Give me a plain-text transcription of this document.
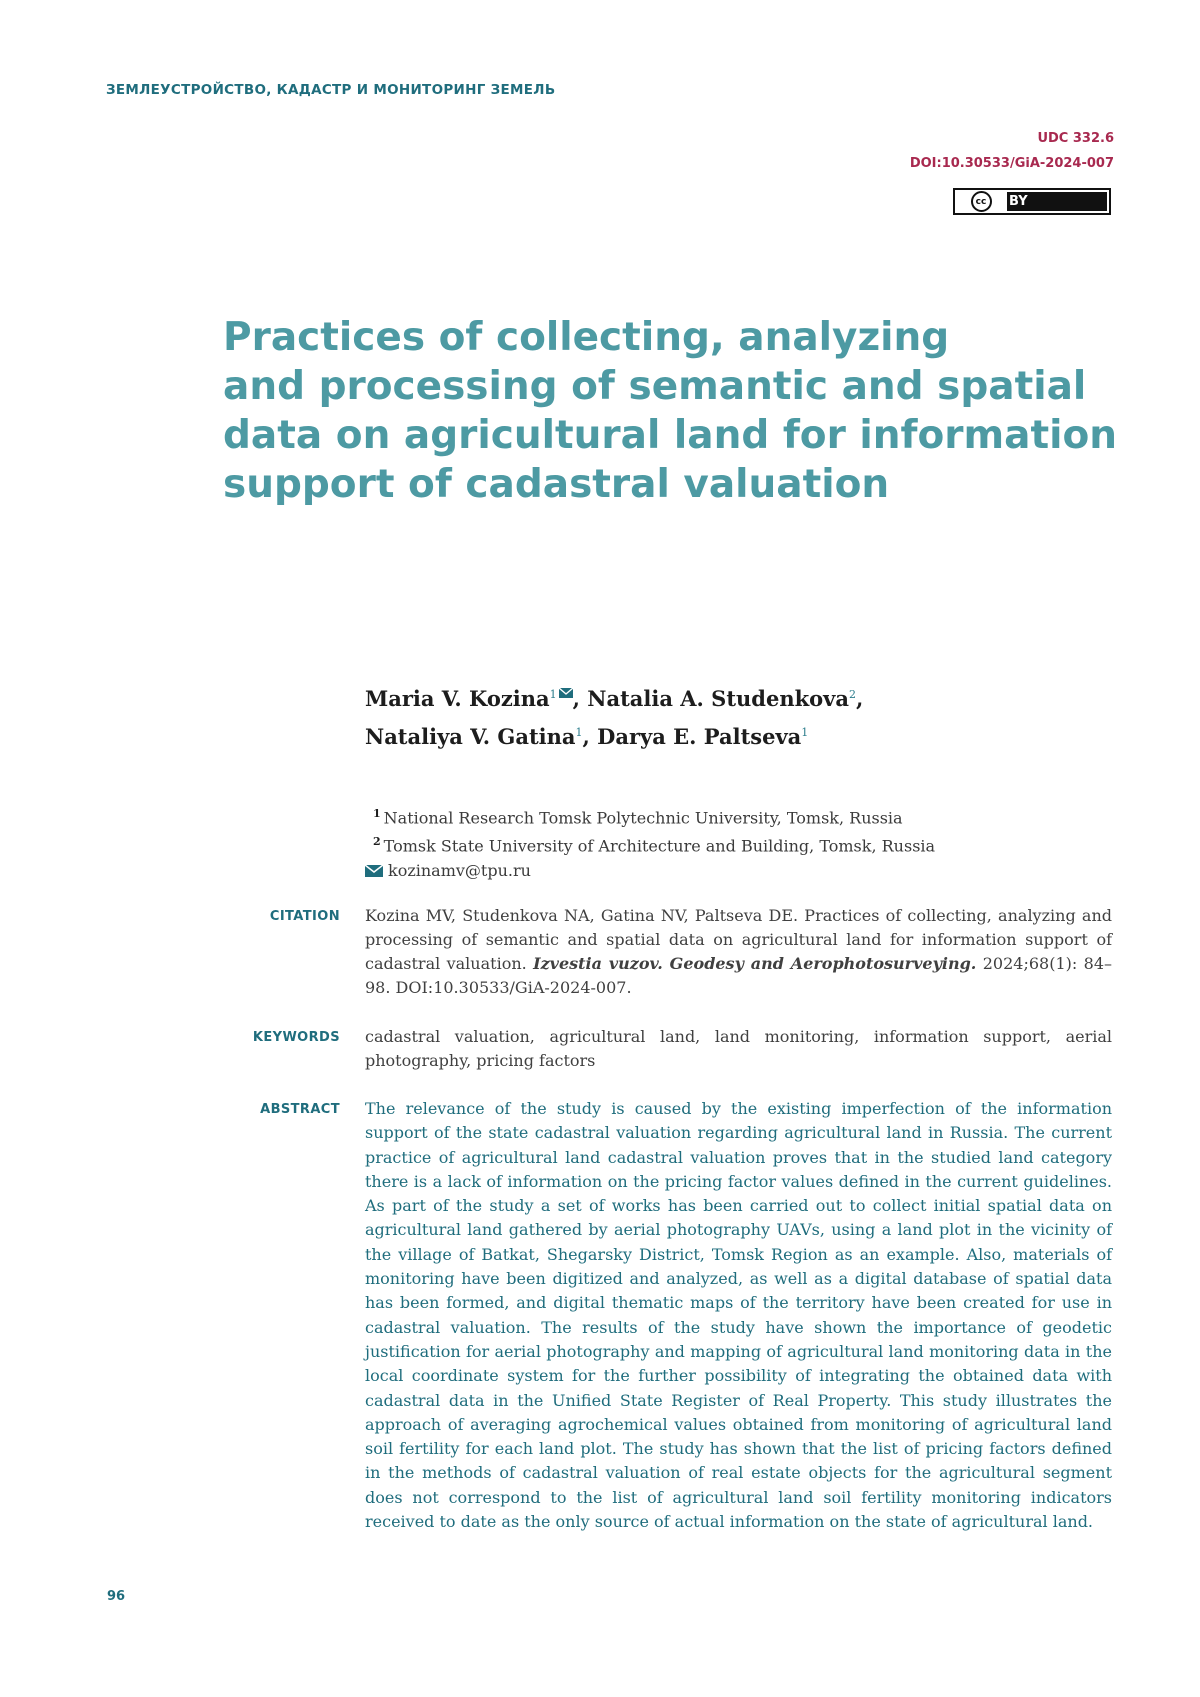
ЗЕМЛЕУСТРОЙСТВО, КАДАСТР И МОНИТОРИНГ ЗЕМЕЛЬ
UDC 332.6
DOI:10.30533/GiA-2024-007
cc	BY
Practices of collecting, analyzing
and processing of semantic and spatial
data on agricultural land for information
support of cadastral valuation
Maria V. Kozina$^1$ , Natalia A. Studenkova$^2$,
Nataliya V. Gatina$^1$, Darya E. Paltseva$^1$
$^1$ National Research Tomsk Polytechnic University, Tomsk, Russia
$^2$ Tomsk State University of Architecture and Building, Tomsk, Russia
kozinamv@tpu.ru
CITATION Kozina MV, Studenkova NA, Gatina NV, Paltseva DE. Practices of collecting, analyzing and processing of semantic and spatial data on agricultural land for information support of cadastral valuation. Izvestia vuzov. Geodesy and Aerophotosurveying. 2024;68(1): 84–98. DOI:10.30533/GiA-2024-007.
KEYWORDS cadastral valuation, agricultural land, land monitoring, information support, aerial photography, pricing factors
ABSTRACT The relevance of the study is caused by the existing imperfection of the information support of the state cadastral valuation regarding agricultural land in Russia. The current practice of agricultural land cadastral valuation proves that in the studied land category there is a lack of information on the pricing factor values defined in the current guidelines. As part of the study a set of works has been carried out to collect initial spatial data on agricultural land gathered by aerial photography UAVs, using a land plot in the vicinity of the village of Batkat, Shegarsky District, Tomsk Region as an example. Also, materials of monitoring have been digitized and analyzed, as well as a digital database of spatial data has been formed, and digital thematic maps of the territory have been created for use in cadastral valuation. The results of the study have shown the importance of geodetic justification for aerial photography and mapping of agricultural land monitoring data in the local coordinate system for the further possibility of integrating the obtained data with cadastral data in the Unified State Register of Real Property. This study illustrates the approach of averaging agrochemical values obtained from monitoring of agricultural land soil fertility for each land plot. The study has shown that the list of pricing factors defined in the methods of cadastral valuation of real estate objects for the agricultural segment does not correspond to the list of agricultural land soil fertility monitoring indicators received to date as the only source of actual information on the state of agricultural land.
96
